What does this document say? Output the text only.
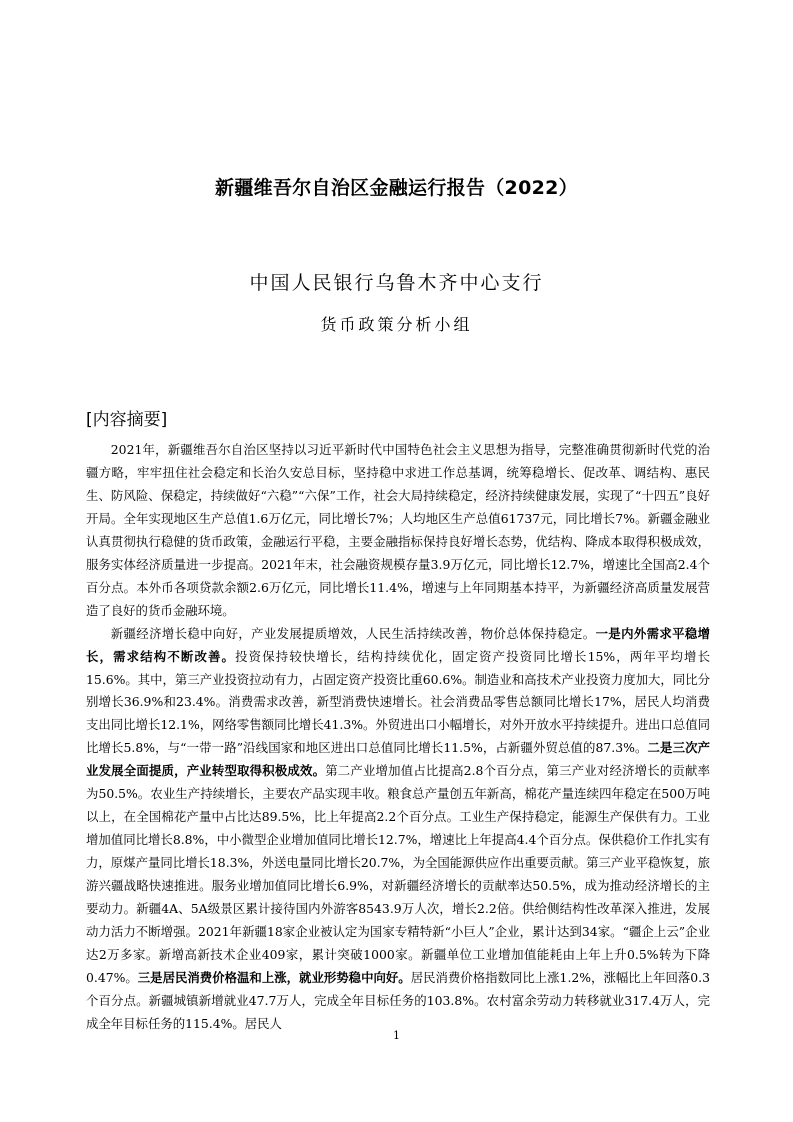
新疆维吾尔自治区金融运行报告（2022）
中国人民银行乌鲁木齐中心支行
货币政策分析小组
[内容摘要]

2021年，新疆维吾尔自治区坚持以习近平新时代中国特色社会主义思想为指导，完整准确贯彻新时代党的治疆方略，牢牢扭住社会稳定和长治久安总目标，坚持稳中求进工作总基调，统筹稳增长、促改革、调结构、惠民生、防风险、保稳定，持续做好“六稳”“六保”工作，社会大局持续稳定，经济持续健康发展，实现了“十四五”良好开局。全年实现地区生产总值1.6万亿元，同比增长7%；人均地区生产总值61737元，同比增长7%。新疆金融业认真贯彻执行稳健的货币政策，金融运行平稳，主要金融指标保持良好增长态势，优结构、降成本取得积极成效，服务实体经济质量进一步提高。2021年末，社会融资规模存量3.9万亿元，同比增长12.7%，增速比全国高2.4个百分点。本外币各项贷款余额2.6万亿元，同比增长11.4%，增速与上年同期基本持平，为新疆经济高质量发展营造了良好的货币金融环境。

新疆经济增长稳中向好，产业发展提质增效，人民生活持续改善，物价总体保持稳定。一是内外需求平稳增长，需求结构不断改善。投资保持较快增长，结构持续优化，固定资产投资同比增长15%，两年平均增长15.6%。其中，第三产业投资拉动有力，占固定资产投资比重60.6%。制造业和高技术产业投资力度加大，同比分别增长36.9%和23.4%。消费需求改善，新型消费快速增长。社会消费品零售总额同比增长17%，居民人均消费支出同比增长12.1%，网络零售额同比增长41.3%。外贸进出口小幅增长，对外开放水平持续提升。进出口总值同比增长5.8%，与“一带一路”沿线国家和地区进出口总值同比增长11.5%，占新疆外贸总值的87.3%。二是三次产业发展全面提质，产业转型取得积极成效。第二产业增加值占比提高2.8个百分点，第三产业对经济增长的贡献率为50.5%。农业生产持续增长，主要农产品实现丰收。粮食总产量创五年新高，棉花产量连续四年稳定在500万吨以上，在全国棉花产量中占比达89.5%，比上年提高2.2个百分点。工业生产保持稳定，能源生产保供有力。工业增加值同比增长8.8%，中小微型企业增加值同比增长12.7%，增速比上年提高4.4个百分点。保供稳价工作扎实有力，原煤产量同比增长18.3%，外送电量同比增长20.7%，为全国能源供应作出重要贡献。第三产业平稳恢复，旅游兴疆战略快速推进。服务业增加值同比增长6.9%，对新疆经济增长的贡献率达50.5%，成为推动经济增长的主要动力。新疆4A、5A级景区累计接待国内外游客8543.9万人次，增长2.2倍。供给侧结构性改革深入推进，发展动力活力不断增强。2021年新疆18家企业被认定为国家专精特新“小巨人”企业，累计达到34家。“疆企上云”企业达2万多家。新增高新技术企业409家，累计突破1000家。新疆单位工业增加值能耗由上年上升0.5%转为下降0.47%。三是居民消费价格温和上涨，就业形势稳中向好。居民消费价格指数同比上涨1.2%，涨幅比上年回落0.3个百分点。新疆城镇新增就业47.7万人，完成全年目标任务的103.8%。农村富余劳动力转移就业317.4万人，完成全年目标任务的115.4%。居民人

1
